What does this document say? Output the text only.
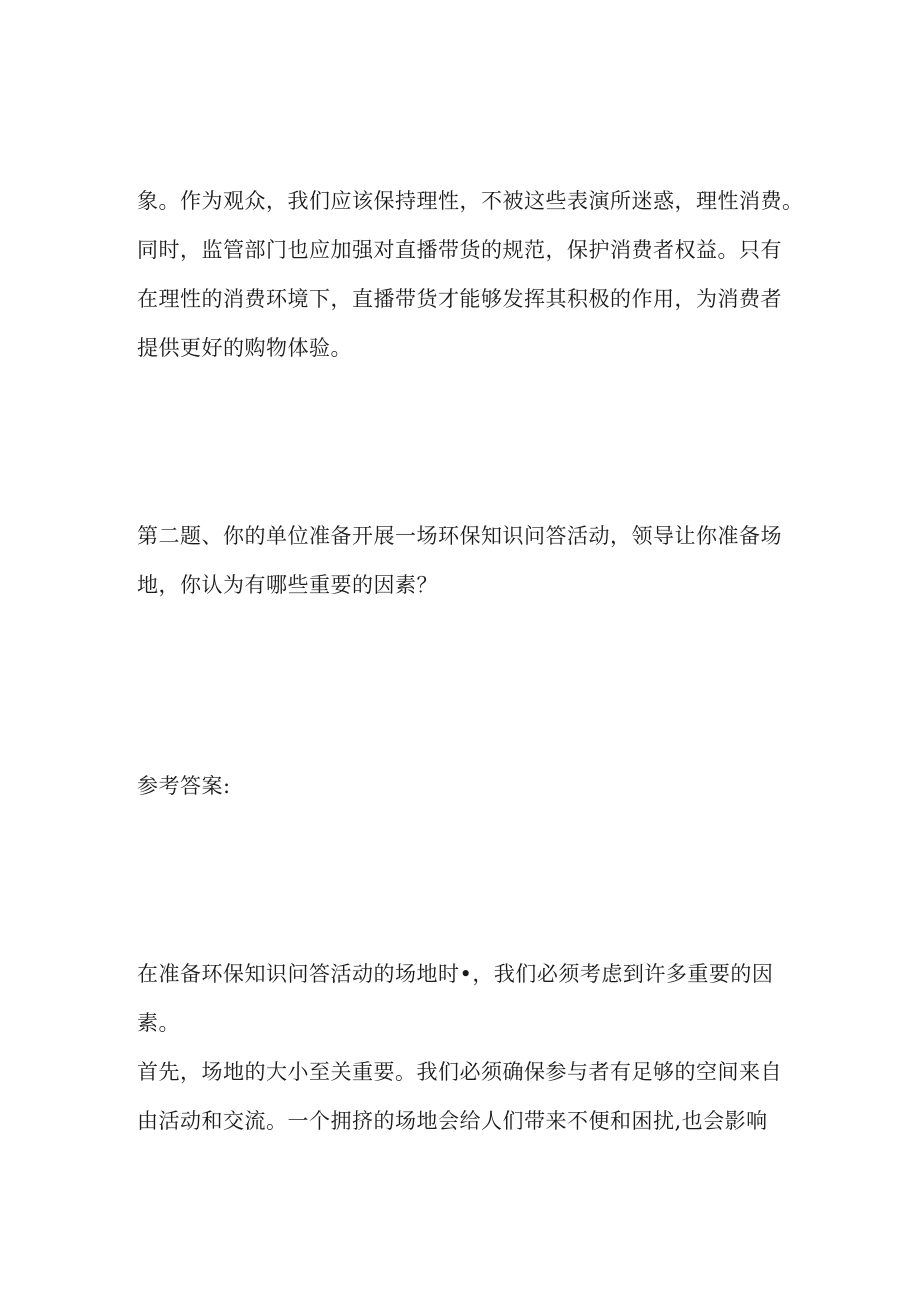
象。作为观众，我们应该保持理性，不被这些表演所迷惑，理性消费。
同时，监管部门也应加强对直播带货的规范，保护消费者权益。只有
在理性的消费环境下，直播带货才能够发挥其积极的作用，为消费者
提供更好的购物体验。
第二题、你的单位准备开展一场环保知识问答活动，领导让你准备场
地，你认为有哪些重要的因素？
参考答案:
在准备环保知识问答活动的场地时•，我们必须考虑到许多重要的因
素。
首先，场地的大小至关重要。我们必须确保参与者有足够的空间来自
由活动和交流。一个拥挤的场地会给人们带来不便和困扰,也会影响
